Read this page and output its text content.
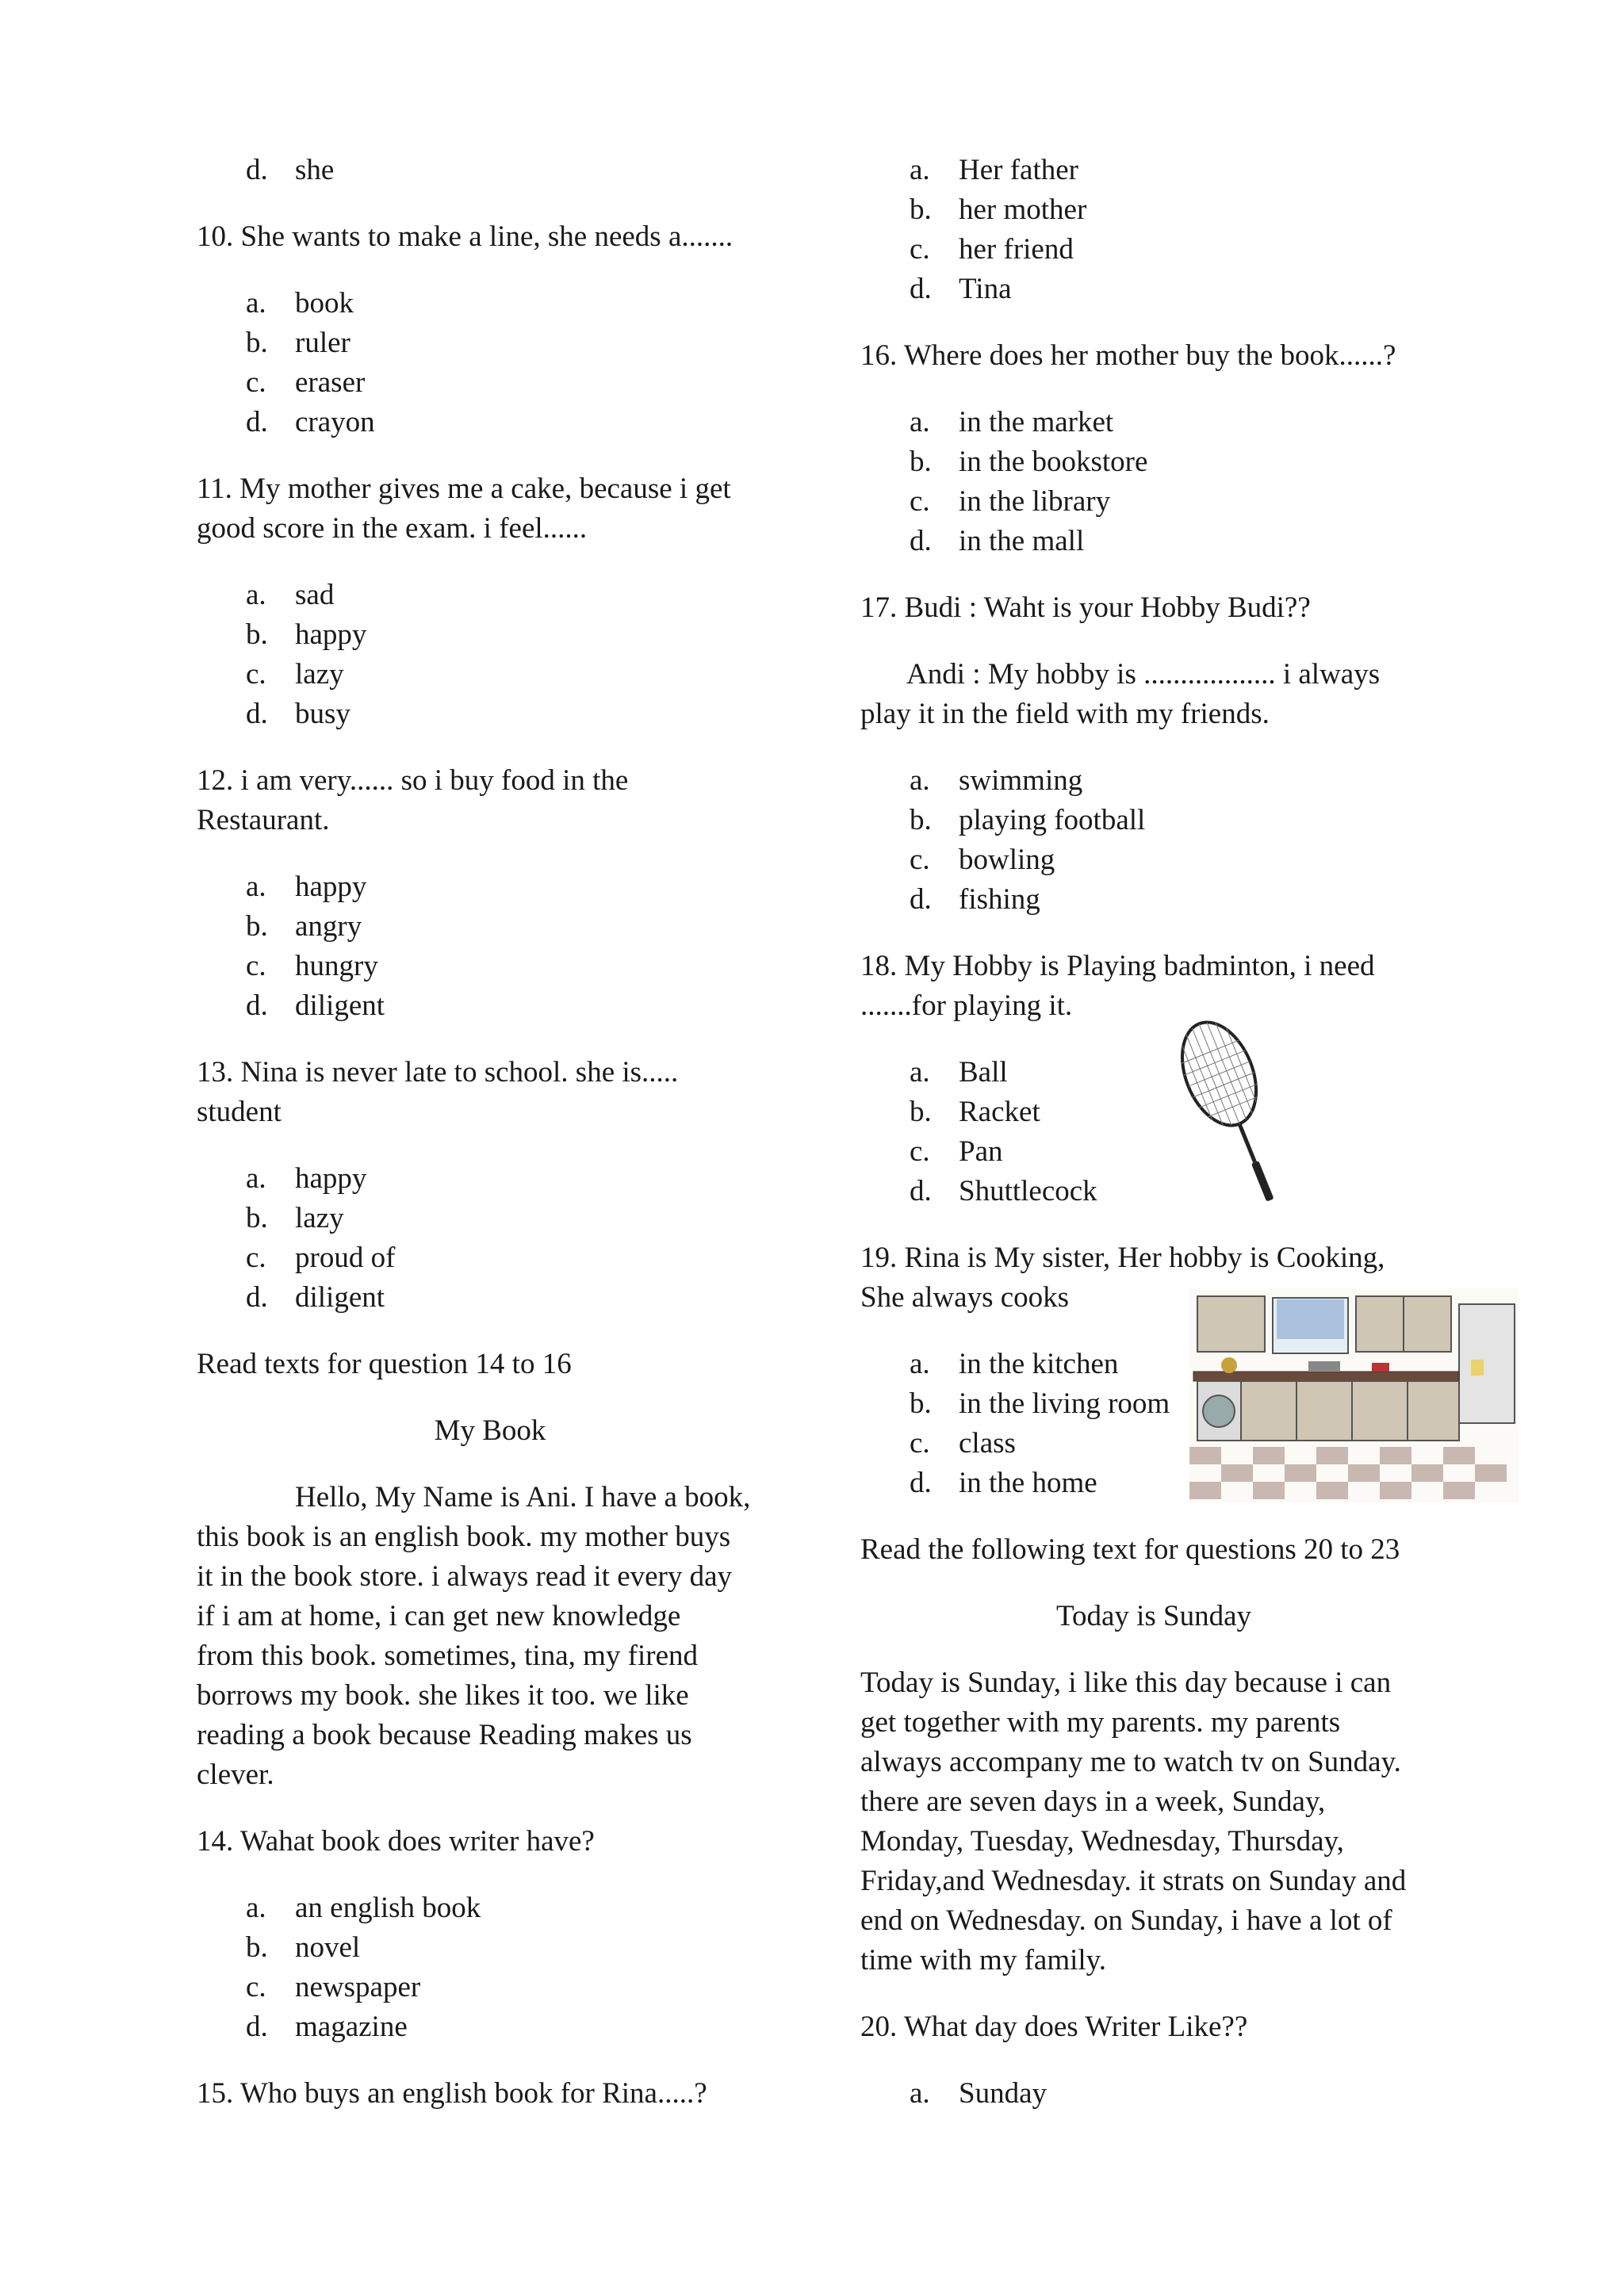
d. she

10. She wants to make a line, she needs a.......

a. book
b. ruler
c. eraser
d. crayon
11. My mother gives me a cake, because i get
good score in the exam. i feel......
a. sad
b. happy
c. lazy
d. busy
12. i am very...... so i buy food in the
Restaurant.
a. happy
b. angry
c. hungry
d. diligent
13. Nina is never late to school. she is.....
student
a. happy
b. lazy
c. proud of
d. diligent

Read texts for question 14 to 16

My Book

Hello, My Name is Ani. I have a book,
this book is an english book. my mother buys
it in the book store. i always read it every day
if i am at home, i can get new knowledge
from this book. sometimes, tina, my firend
borrows my book. she likes it too. we like
reading a book because Reading makes us
clever.

14. Wahat book does writer have?

a. an english book
b. novel
c. newspaper
d. magazine

15. Who buys an english book for Rina.....?

a. Her father
b. her mother
c. her friend
d. Tina

16. Where does her mother buy the book......?

a. in the market
b. in the bookstore
c. in the library
d. in the mall

17. Budi : Waht is your Hobby Budi??

Andi : My hobby is .................. i always
play it in the field with my friends.
a. swimming
b. playing football
c. bowling
d. fishing
18. My Hobby is Playing badminton, i need
.......for playing it.
a. Ball
b. Racket
c. Pan
d. Shuttlecock
19. Rina is My sister, Her hobby is Cooking,
She always cooks
a. in the kitchen
b. in the living room
c. class
d. in the home

Read the following text for questions 20 to 23

Today is Sunday

Today is Sunday, i like this day because i can
get together with my parents. my parents
always accompany me to watch tv on Sunday.
there are seven days in a week, Sunday,
Monday, Tuesday, Wednesday, Thursday,
Friday,and Wednesday. it strats on Sunday and
end on Wednesday. on Sunday, i have a lot of
time with my family.

20. What day does Writer Like??

a. Sunday
